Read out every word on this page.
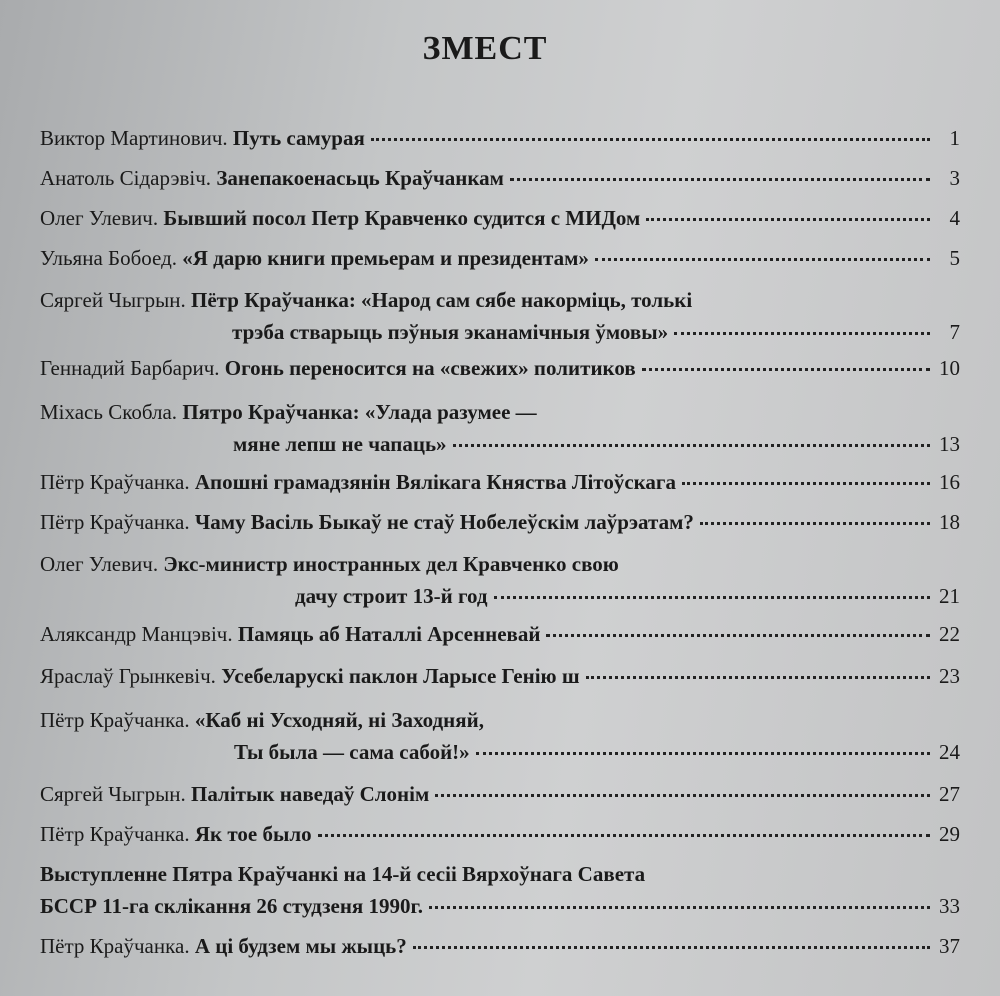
ЗМЕСТ
Виктор Мартинович. Путь самурая	1
Анатоль Сідарэвіч. Занепакоенасьць Краўчанкам	3
Олег Улевич. Бывший посол Петр Кравченко судится с МИДом	4
Ульяна Бобоед. «Я дарю книги премьерам и президентам»	5
Сяргей Чыгрын. Пётр Краўчанка: «Народ сам сябе накорміць, толькі
трэба стварыць пэўныя эканамічныя ўмовы»	7
Геннадий Барбарич. Огонь переносится на «свежих» политиков	10
Міхась Скобла. Пятро Краўчанка: «Улада разумее —
мяне лепш не чапаць»	13
Пётр Краўчанка. Апошні грамадзянін Вялікага Княства Літоўскага	16
Пётр Краўчанка. Чаму Васіль Быкаў не стаў Нобелеўскім лаўрэатам?	18
Олег Улевич. Экс-министр иностранных дел Кравченко свою
дачу строит 13-й год	21
Аляксандр Манцэвіч. Памяць аб Наталлі Арсенневай	22
Яраслаў Грынкевіч. Усебеларускі паклон Ларысе Генію ш	23
Пётр Краўчанка. «Каб ні Усходняй, ні Заходняй,
Ты была — сама сабой!»	24
Сяргей Чыгрын. Палітык наведаў Слонім	27
Пётр Краўчанка. Як тое было	29
Выступленне Пятра Краўчанкі на 14-й сесіі Вярхоўнага Савета
БССР 11-га склікання 26 студзеня 1990г.	33
Пётр Краўчанка. А ці будзем мы жыць?	37
